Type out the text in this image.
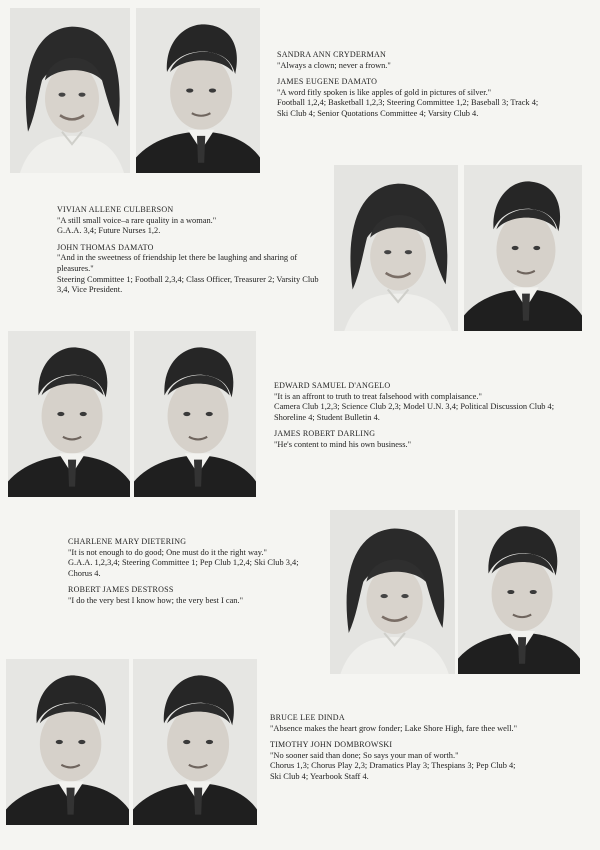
SANDRA ANN CRYDERMAN
"Always a clown; never a frown."
JAMES EUGENE DAMATO
"A word fitly spoken is like apples of gold in pictures of silver."
Football 1,2,4; Basketball 1,2,3; Steering Committee 1,2; Baseball 3; Track 4; Ski Club 4; Senior Quotations Committee 4; Varsity Club 4.
VIVIAN ALLENE CULBERSON
"A still small voice–a rare quality in a woman."
G.A.A. 3,4; Future Nurses 1,2.
JOHN THOMAS DAMATO
"And in the sweetness of friendship let there be laughing and sharing of pleasures."
Steering Committee 1; Football 2,3,4; Class Officer, Treasurer 2; Varsity Club 3,4, Vice President.
EDWARD SAMUEL D'ANGELO
"It is an affront to truth to treat falsehood with complaisance."
Camera Club 1,2,3; Science Club 2,3; Model U.N. 3,4; Political Discussion Club 4; Shoreline 4; Student Bulletin 4.
JAMES ROBERT DARLING
"He's content to mind his own business."
CHARLENE MARY DIETERING
"It is not enough to do good; One must do it the right way."
G.A.A. 1,2,3,4; Steering Committee 1; Pep Club 1,2,4; Ski Club 3,4; Chorus 4.
ROBERT JAMES DESTROSS
"I do the very best I know how; the very best I can."
BRUCE LEE DINDA
"Absence makes the heart grow fonder; Lake Shore High, fare thee well."
TIMOTHY JOHN DOMBROWSKI
"No sooner said than done; So says your man of worth."
Chorus 1,3; Chorus Play 2,3; Dramatics Play 3; Thespians 3; Pep Club 4; Ski Club 4; Yearbook Staff 4.
